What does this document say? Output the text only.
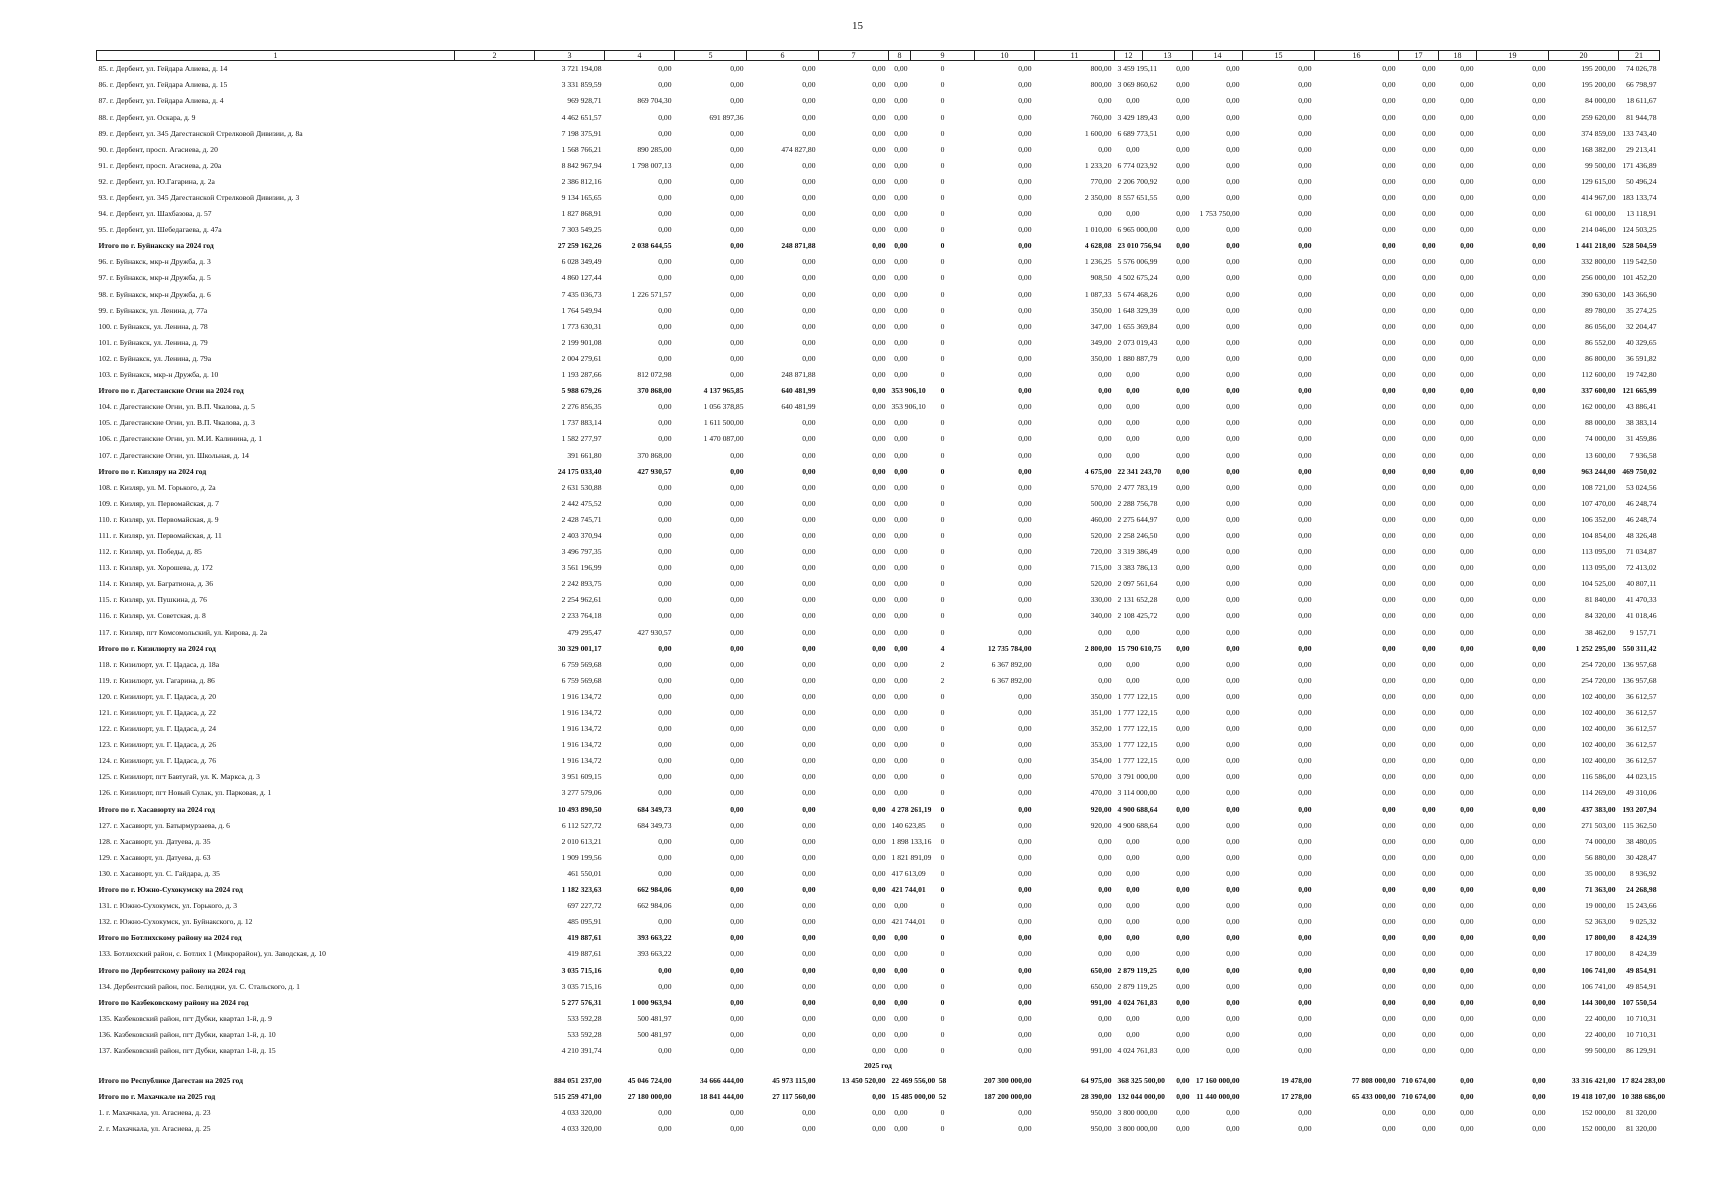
15
1	2	3	4	5	6	7	8	9	10	11	12	13	14	15	16	17	18	19	20	21
85. г. Дербент, ул. Гейдара Алиева, д. 14		3 721 194,08	0,00	0,00	0,00	0,00	0,00	0	0,00	800,00	3 459 195,11	0,00	0,00	0,00	0,00	0,00	0,00	0,00	195 200,00	74 026,78
86. г. Дербент, ул. Гейдара Алиева, д. 15		3 331 859,59	0,00	0,00	0,00	0,00	0,00	0	0,00	800,00	3 069 860,62	0,00	0,00	0,00	0,00	0,00	0,00	0,00	195 200,00	66 798,97
87. г. Дербент, ул. Гейдара Алиева, д. 4		969 928,71	869 704,30	0,00	0,00	0,00	0,00	0	0,00	0,00	0,00	0,00	0,00	0,00	0,00	0,00	0,00	0,00	84 000,00	18 611,67
88. г. Дербент, ул. Оскара, д. 9		4 462 651,57	0,00	691 897,36	0,00	0,00	0,00	0	0,00	760,00	3 429 189,43	0,00	0,00	0,00	0,00	0,00	0,00	0,00	259 620,00	81 944,78
89. г. Дербент, ул. 345 Дагестанской Стрелковой Дивизии, д. 8а		7 198 375,91	0,00	0,00	0,00	0,00	0,00	0	0,00	1 600,00	6 689 773,51	0,00	0,00	0,00	0,00	0,00	0,00	0,00	374 859,00	133 743,40
90. г. Дербент, просп. Агасиева, д. 20		1 568 766,21	890 285,00	0,00	474 827,80	0,00	0,00	0	0,00	0,00	0,00	0,00	0,00	0,00	0,00	0,00	0,00	0,00	168 382,00	29 213,41
91. г. Дербент, просп. Агасиева, д. 20а		8 842 967,94	1 798 007,13	0,00	0,00	0,00	0,00	0	0,00	1 233,20	6 774 023,92	0,00	0,00	0,00	0,00	0,00	0,00	0,00	99 500,00	171 436,89
92. г. Дербент, ул. Ю.Гагарина, д. 2а		2 386 812,16	0,00	0,00	0,00	0,00	0,00	0	0,00	770,00	2 206 700,92	0,00	0,00	0,00	0,00	0,00	0,00	0,00	129 615,00	50 496,24
93. г. Дербент, ул. 345 Дагестанской Стрелковой Дивизии, д. 3		9 134 165,65	0,00	0,00	0,00	0,00	0,00	0	0,00	2 350,00	8 557 651,55	0,00	0,00	0,00	0,00	0,00	0,00	0,00	414 967,00	183 133,74
94. г. Дербент, ул. Шахбазова, д. 57		1 827 868,91	0,00	0,00	0,00	0,00	0,00	0	0,00	0,00	0,00	0,00	1 753 750,00	0,00	0,00	0,00	0,00	0,00	61 000,00	13 118,91
95. г. Дербент, ул. Шебедагаева, д. 47а		7 303 549,25	0,00	0,00	0,00	0,00	0,00	0	0,00	1 010,00	6 965 000,00	0,00	0,00	0,00	0,00	0,00	0,00	0,00	214 046,00	124 503,25
Итого по г. Буйнакску на 2024 год		27 259 162,26	2 038 644,55	0,00	248 871,88	0,00	0,00	0	0,00	4 628,08	23 010 756,94	0,00	0,00	0,00	0,00	0,00	0,00	0,00	1 441 218,00	528 504,59
96. г. Буйнакск, мкр-н Дружба, д. 3		6 028 349,49	0,00	0,00	0,00	0,00	0,00	0	0,00	1 236,25	5 576 006,99	0,00	0,00	0,00	0,00	0,00	0,00	0,00	332 800,00	119 542,50
97. г. Буйнакск, мкр-н Дружба, д. 5		4 860 127,44	0,00	0,00	0,00	0,00	0,00	0	0,00	908,50	4 502 675,24	0,00	0,00	0,00	0,00	0,00	0,00	0,00	256 000,00	101 452,20
98. г. Буйнакск, мкр-н Дружба, д. 6		7 435 036,73	1 226 571,57	0,00	0,00	0,00	0,00	0	0,00	1 087,33	5 674 468,26	0,00	0,00	0,00	0,00	0,00	0,00	0,00	390 630,00	143 366,90
99. г. Буйнакск, ул. Ленина, д. 77а		1 764 549,94	0,00	0,00	0,00	0,00	0,00	0	0,00	350,00	1 648 329,39	0,00	0,00	0,00	0,00	0,00	0,00	0,00	89 780,00	35 274,25
100. г. Буйнакск, ул. Ленина, д. 78		1 773 630,31	0,00	0,00	0,00	0,00	0,00	0	0,00	347,00	1 655 369,84	0,00	0,00	0,00	0,00	0,00	0,00	0,00	86 056,00	32 204,47
101. г. Буйнакск, ул. Ленина, д. 79		2 199 901,08	0,00	0,00	0,00	0,00	0,00	0	0,00	349,00	2 073 019,43	0,00	0,00	0,00	0,00	0,00	0,00	0,00	86 552,00	40 329,65
102. г. Буйнакск, ул. Ленина, д. 79а		2 004 279,61	0,00	0,00	0,00	0,00	0,00	0	0,00	350,00	1 880 887,79	0,00	0,00	0,00	0,00	0,00	0,00	0,00	86 800,00	36 591,82
103. г. Буйнакск, мкр-н Дружба, д. 10		1 193 287,66	812 072,98	0,00	248 871,88	0,00	0,00	0	0,00	0,00	0,00	0,00	0,00	0,00	0,00	0,00	0,00	0,00	112 600,00	19 742,80
Итого по г. Дагестанские Огни на 2024 год		5 988 679,26	370 868,00	4 137 965,85	640 481,99	0,00	353 906,10	0	0,00	0,00	0,00	0,00	0,00	0,00	0,00	0,00	0,00	0,00	337 600,00	121 665,99
104. г. Дагестанские Огни, ул. В.П. Чкалова, д. 5		2 276 856,35	0,00	1 056 378,85	640 481,99	0,00	353 906,10	0	0,00	0,00	0,00	0,00	0,00	0,00	0,00	0,00	0,00	0,00	162 000,00	43 886,41
105. г. Дагестанские Огни, ул. В.П. Чкалова, д. 3		1 737 883,14	0,00	1 611 500,00	0,00	0,00	0,00	0	0,00	0,00	0,00	0,00	0,00	0,00	0,00	0,00	0,00	0,00	88 000,00	38 383,14
106. г. Дагестанские Огни, ул. М.И. Калинина, д. 1		1 582 277,97	0,00	1 470 087,00	0,00	0,00	0,00	0	0,00	0,00	0,00	0,00	0,00	0,00	0,00	0,00	0,00	0,00	74 000,00	31 459,86
107. г. Дагестанские Огни, ул. Школьная, д. 14		391 661,80	370 868,00	0,00	0,00	0,00	0,00	0	0,00	0,00	0,00	0,00	0,00	0,00	0,00	0,00	0,00	0,00	13 600,00	7 936,58
Итого по г. Кизляру на 2024 год		24 175 033,40	427 930,57	0,00	0,00	0,00	0,00	0	0,00	4 675,00	22 341 243,70	0,00	0,00	0,00	0,00	0,00	0,00	0,00	963 244,00	469 750,02
108. г. Кизляр, ул. М. Горького, д. 2а		2 631 530,88	0,00	0,00	0,00	0,00	0,00	0	0,00	570,00	2 477 783,19	0,00	0,00	0,00	0,00	0,00	0,00	0,00	108 721,00	53 024,56
109. г. Кизляр, ул. Первомайская, д. 7		2 442 475,52	0,00	0,00	0,00	0,00	0,00	0	0,00	500,00	2 288 756,78	0,00	0,00	0,00	0,00	0,00	0,00	0,00	107 470,00	46 248,74
110. г. Кизляр, ул. Первомайская, д. 9		2 428 745,71	0,00	0,00	0,00	0,00	0,00	0	0,00	460,00	2 275 644,97	0,00	0,00	0,00	0,00	0,00	0,00	0,00	106 352,00	46 248,74
111. г. Кизляр, ул. Первомайская, д. 11		2 403 370,94	0,00	0,00	0,00	0,00	0,00	0	0,00	520,00	2 258 246,50	0,00	0,00	0,00	0,00	0,00	0,00	0,00	104 854,00	48 326,48
112. г. Кизляр, ул. Победы, д. 85		3 496 797,35	0,00	0,00	0,00	0,00	0,00	0	0,00	720,00	3 319 386,49	0,00	0,00	0,00	0,00	0,00	0,00	0,00	113 095,00	71 034,87
113. г. Кизляр, ул. Хорошева, д. 172		3 561 196,99	0,00	0,00	0,00	0,00	0,00	0	0,00	715,00	3 383 786,13	0,00	0,00	0,00	0,00	0,00	0,00	0,00	113 095,00	72 413,02
114. г. Кизляр, ул. Багратиона, д. 36		2 242 893,75	0,00	0,00	0,00	0,00	0,00	0	0,00	520,00	2 097 561,64	0,00	0,00	0,00	0,00	0,00	0,00	0,00	104 525,00	40 807,11
115. г. Кизляр, ул. Пушкина, д. 76		2 254 962,61	0,00	0,00	0,00	0,00	0,00	0	0,00	330,00	2 131 652,28	0,00	0,00	0,00	0,00	0,00	0,00	0,00	81 840,00	41 470,33
116. г. Кизляр, ул. Советская, д. 8		2 233 764,18	0,00	0,00	0,00	0,00	0,00	0	0,00	340,00	2 108 425,72	0,00	0,00	0,00	0,00	0,00	0,00	0,00	84 320,00	41 018,46
117. г. Кизляр, пгт Комсомольский, ул. Кирова, д. 2а		479 295,47	427 930,57	0,00	0,00	0,00	0,00	0	0,00	0,00	0,00	0,00	0,00	0,00	0,00	0,00	0,00	0,00	38 462,00	9 157,71
Итого по г. Кизилюрту на 2024 год		30 329 001,17	0,00	0,00	0,00	0,00	0,00	4	12 735 784,00	2 800,00	15 790 610,75	0,00	0,00	0,00	0,00	0,00	0,00	0,00	1 252 295,00	550 311,42
118. г. Кизилюрт, ул. Г. Цадаса, д. 18а		6 759 569,68	0,00	0,00	0,00	0,00	0,00	2	6 367 892,00	0,00	0,00	0,00	0,00	0,00	0,00	0,00	0,00	0,00	254 720,00	136 957,68
119. г. Кизилюрт, ул. Гагарина, д. 86		6 759 569,68	0,00	0,00	0,00	0,00	0,00	2	6 367 892,00	0,00	0,00	0,00	0,00	0,00	0,00	0,00	0,00	0,00	254 720,00	136 957,68
120. г. Кизилюрт, ул. Г. Цадаса, д. 20		1 916 134,72	0,00	0,00	0,00	0,00	0,00	0	0,00	350,00	1 777 122,15	0,00	0,00	0,00	0,00	0,00	0,00	0,00	102 400,00	36 612,57
121. г. Кизилюрт, ул. Г. Цадаса, д. 22		1 916 134,72	0,00	0,00	0,00	0,00	0,00	0	0,00	351,00	1 777 122,15	0,00	0,00	0,00	0,00	0,00	0,00	0,00	102 400,00	36 612,57
122. г. Кизилюрт, ул. Г. Цадаса, д. 24		1 916 134,72	0,00	0,00	0,00	0,00	0,00	0	0,00	352,00	1 777 122,15	0,00	0,00	0,00	0,00	0,00	0,00	0,00	102 400,00	36 612,57
123. г. Кизилюрт, ул. Г. Цадаса, д. 26		1 916 134,72	0,00	0,00	0,00	0,00	0,00	0	0,00	353,00	1 777 122,15	0,00	0,00	0,00	0,00	0,00	0,00	0,00	102 400,00	36 612,57
124. г. Кизилюрт, ул. Г. Цадаса, д. 76		1 916 134,72	0,00	0,00	0,00	0,00	0,00	0	0,00	354,00	1 777 122,15	0,00	0,00	0,00	0,00	0,00	0,00	0,00	102 400,00	36 612,57
125. г. Кизилюрт, пгт Бавтугай, ул. К. Маркса, д. 3		3 951 609,15	0,00	0,00	0,00	0,00	0,00	0	0,00	570,00	3 791 000,00	0,00	0,00	0,00	0,00	0,00	0,00	0,00	116 586,00	44 023,15
126. г. Кизилюрт, пгт Новый Сулак, ул. Парковая, д. 1		3 277 579,06	0,00	0,00	0,00	0,00	0,00	0	0,00	470,00	3 114 000,00	0,00	0,00	0,00	0,00	0,00	0,00	0,00	114 269,00	49 310,06
Итого по г. Хасавюрту на 2024 год		10 493 890,50	684 349,73	0,00	0,00	0,00	4 278 261,19	0	0,00	920,00	4 900 688,64	0,00	0,00	0,00	0,00	0,00	0,00	0,00	437 383,00	193 207,94
127. г. Хасавюрт, ул. Батырмурзаева, д. 6		6 112 527,72	684 349,73	0,00	0,00	0,00	140 623,85	0	0,00	920,00	4 900 688,64	0,00	0,00	0,00	0,00	0,00	0,00	0,00	271 503,00	115 362,50
128. г. Хасавюрт, ул. Датуева, д. 35		2 010 613,21	0,00	0,00	0,00	0,00	1 898 133,16	0	0,00	0,00	0,00	0,00	0,00	0,00	0,00	0,00	0,00	0,00	74 000,00	38 480,05
129. г. Хасавюрт, ул. Датуева, д. 63		1 909 199,56	0,00	0,00	0,00	0,00	1 821 891,09	0	0,00	0,00	0,00	0,00	0,00	0,00	0,00	0,00	0,00	0,00	56 880,00	30 428,47
130. г. Хасавюрт, ул. С. Гайдара, д. 35		461 550,01	0,00	0,00	0,00	0,00	417 613,09	0	0,00	0,00	0,00	0,00	0,00	0,00	0,00	0,00	0,00	0,00	35 000,00	8 936,92
Итого по г. Южно-Сухокумску на 2024 год		1 182 323,63	662 984,06	0,00	0,00	0,00	421 744,01	0	0,00	0,00	0,00	0,00	0,00	0,00	0,00	0,00	0,00	0,00	71 363,00	24 268,98
131. г. Южно-Сухокумск, ул. Горького, д. 3		697 227,72	662 984,06	0,00	0,00	0,00	0,00	0	0,00	0,00	0,00	0,00	0,00	0,00	0,00	0,00	0,00	0,00	19 000,00	15 243,66
132. г. Южно-Сухокумск, ул. Буйнакского, д. 12		485 095,91	0,00	0,00	0,00	0,00	421 744,01	0	0,00	0,00	0,00	0,00	0,00	0,00	0,00	0,00	0,00	0,00	52 363,00	9 025,32
Итого по Ботлихскому району на 2024 год		419 887,61	393 663,22	0,00	0,00	0,00	0,00	0	0,00	0,00	0,00	0,00	0,00	0,00	0,00	0,00	0,00	0,00	17 800,00	8 424,39
133. Ботлихский район, с. Ботлих 1 (Микрорайон), ул. Заводская, д. 10		419 887,61	393 663,22	0,00	0,00	0,00	0,00	0	0,00	0,00	0,00	0,00	0,00	0,00	0,00	0,00	0,00	0,00	17 800,00	8 424,39
Итого по Дербентскому району на 2024 год		3 035 715,16	0,00	0,00	0,00	0,00	0,00	0	0,00	650,00	2 879 119,25	0,00	0,00	0,00	0,00	0,00	0,00	0,00	106 741,00	49 854,91
134. Дербентский район, пос. Белиджи, ул. С. Стальского, д. 1		3 035 715,16	0,00	0,00	0,00	0,00	0,00	0	0,00	650,00	2 879 119,25	0,00	0,00	0,00	0,00	0,00	0,00	0,00	106 741,00	49 854,91
Итого по Казбековскому району на 2024 год		5 277 576,31	1 000 963,94	0,00	0,00	0,00	0,00	0	0,00	991,00	4 024 761,83	0,00	0,00	0,00	0,00	0,00	0,00	0,00	144 300,00	107 550,54
135. Казбековский район, пгт Дубки, квартал 1-й, д. 9		533 592,28	500 481,97	0,00	0,00	0,00	0,00	0	0,00	0,00	0,00	0,00	0,00	0,00	0,00	0,00	0,00	0,00	22 400,00	10 710,31
136. Казбековский район, пгт Дубки, квартал 1-й, д. 10		533 592,28	500 481,97	0,00	0,00	0,00	0,00	0	0,00	0,00	0,00	0,00	0,00	0,00	0,00	0,00	0,00	0,00	22 400,00	10 710,31
137. Казбековский район, пгт Дубки, квартал 1-й, д. 15		4 210 391,74	0,00	0,00	0,00	0,00	0,00	0	0,00	991,00	4 024 761,83	0,00	0,00	0,00	0,00	0,00	0,00	0,00	99 500,00	86 129,91
2025 год																				
Итого по Республике Дагестан на 2025 год		884 051 237,00	45 046 724,00	34 666 444,00	45 973 115,00	13 450 520,00	22 469 556,00	58	207 300 000,00	64 975,00	368 325 500,00	0,00	17 160 000,00	19 478,00	77 808 000,00	710 674,00	0,00	0,00	33 316 421,00	17 824 283,00
Итого по г. Махачкале на 2025 год		515 259 471,00	27 180 000,00	18 841 444,00	27 117 560,00	0,00	15 485 000,00	52	187 200 000,00	28 390,00	132 044 000,00	0,00	11 440 000,00	17 278,00	65 433 000,00	710 674,00	0,00	0,00	19 418 107,00	10 388 686,00
1. г. Махачкала, ул. Агасиева, д. 23		4 033 320,00	0,00	0,00	0,00	0,00	0,00	0	0,00	950,00	3 800 000,00	0,00	0,00	0,00	0,00	0,00	0,00	0,00	152 000,00	81 320,00
2. г. Махачкала, ул. Агасиева, д. 25		4 033 320,00	0,00	0,00	0,00	0,00	0,00	0	0,00	950,00	3 800 000,00	0,00	0,00	0,00	0,00	0,00	0,00	0,00	152 000,00	81 320,00
